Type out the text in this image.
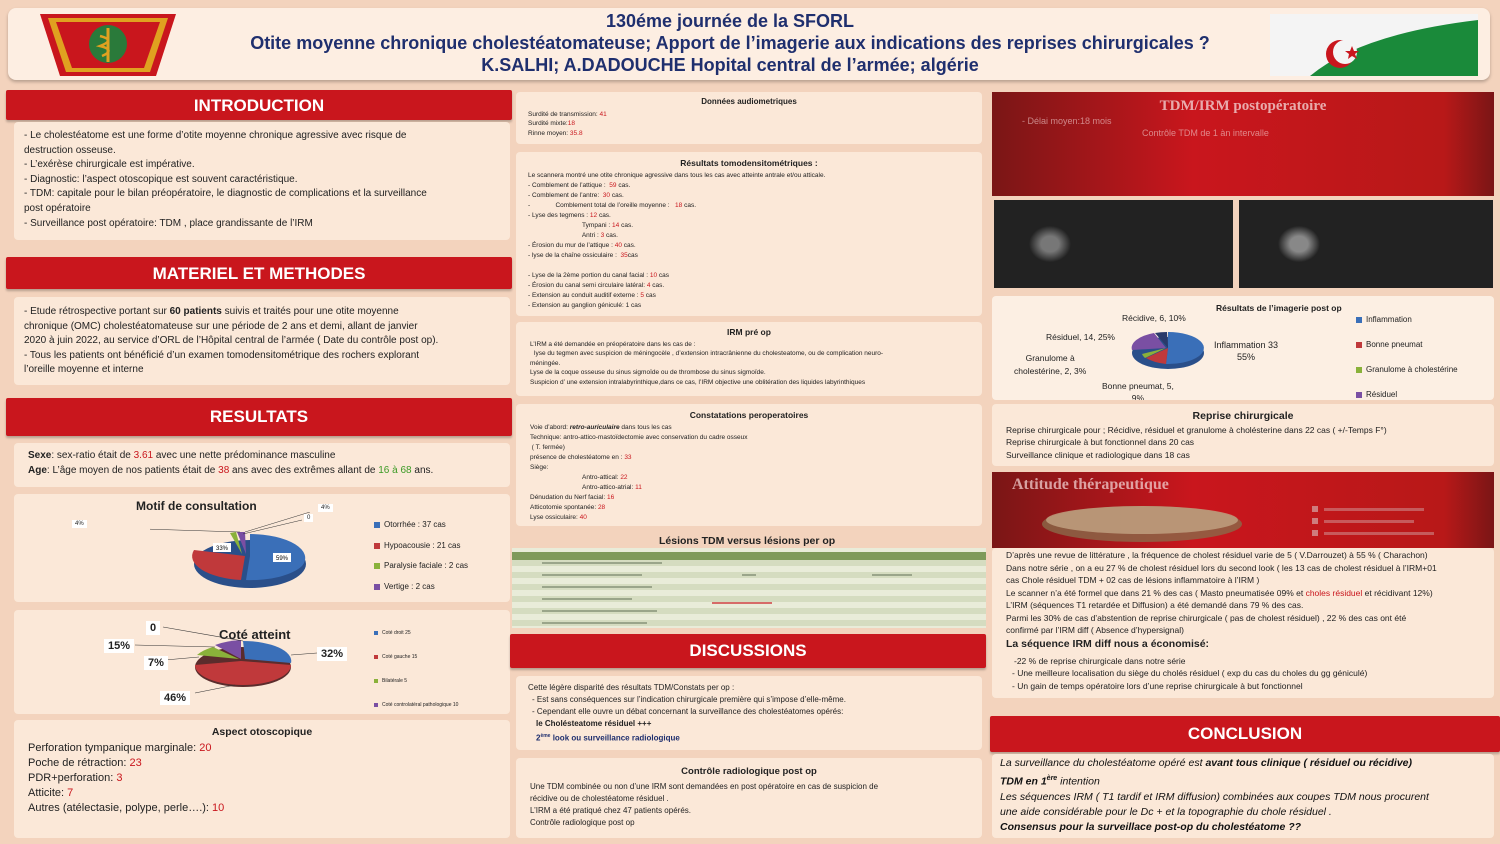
130éme journée de la SFORL
Otite moyenne chronique cholestéatomateuse; Apport de l’imagerie aux indications des reprises chirurgicales ?
K.SALHI; A.DADOUCHE Hopital central de l’armée; algérie
INTRODUCTION
- Le cholestéatome est une forme d’otite moyenne chronique agressive avec risque de
destruction osseuse.
- L’exérèse chirurgicale est impérative.
- Diagnostic: l’aspect otoscopique est souvent caractéristique.
- TDM: capitale pour le bilan préopératoire, le diagnostic de complications et la surveillance
post opératoire
- Surveillance post opératoire: TDM , place grandissante de l’IRM
MATERIEL ET METHODES
- Etude rétrospective portant sur 60 patients suivis et traités pour une otite moyenne
chronique (OMC) cholestéatomateuse sur une période de 2 ans et demi, allant de janvier
2020 à juin 2022, au service d’ORL de l’Hôpital central de l’armée ( Date du contrôle post op).
- Tous les patients ont bénéficié d’un examen tomodensitométrique des rochers explorant
l’oreille moyenne et interne
RESULTATS
Sexe: sex-ratio était de 3.61 avec une nette prédominance masculine
Age: L’âge moyen de nos patients était de 38 ans avec des extrêmes allant de 16 à 68 ans.
Motif de consultation
59%
33%
4%
4%
0
Otorrhée : 37 cas
Hypoacousie : 21 cas
Paralysie faciale : 2 cas
Vertige : 2 cas
Coté atteint
32%
46%
7%
15%
0	Coté droit 25
Coté gauche 15
Bilatérale 5
Coté controlatéral pathologique 10
Aspect otoscopique
Perforation tympanique marginale: 20
Poche de rétraction: 23
PDR+perforation: 3
Atticite: 7
Autres (atélectasie, polype, perle….): 10
Données audiometriques
Surdité de transmission: 41
Surdité mixte:18
Rinne moyen: 35.8
Résultats tomodensitométriques :
Le scannera montré une otite chronique agressive dans tous les cas avec atteinte antrale et/ou atticale.
- Comblement de l’attique :  59 cas.
- Comblement de l’antre:  30 cas.
-              Comblement total de l’oreille moyenne :   18 cas.
- Lyse des tegmens : 12 cas.
Tympani : 14 cas.
Antri : 3 cas.
- Érosion du mur de l’attique : 40 cas.
- lyse de la chaîne ossiculaire :  35cas
- Lyse de la 2ème portion du canal facial : 10 cas
- Érosion du canal semi circulaire latéral: 4 cas.
- Extension au conduit auditif externe : 5 cas
- Extension au ganglion géniculé: 1 cas
IRM pré op
L’IRM a été demandée en préopératoire dans les cas de :
lyse du tegmen avec suspicion de méningocèle , d’extension intracrânienne du cholesteatome, ou de complication neuro-
méningée.
Lyse de la coque osseuse du sinus sigmoïde ou de thrombose du sinus sigmoïde.
Suspicion d’ une extension intralabyrinthique,dans ce cas, l’IRM objective une oblitération des liquides labyrinthiques
Constatations peroperatoires
Voie d’abord: retro-auriculaire dans tous les cas
Technique: antro-attico-mastoïdectomie avec conservation du cadre osseux
( T. fermée)
présence de cholestéatome en : 33
Siège:
Antro-attical: 22
Antro-attico-atrial: 11
Dénudation du Nerf facial: 16
Atticotomie spontanée: 28
Lyse ossiculaire: 40
Lésions TDM versus lésions per op
DISCUSSIONS
Cette légère disparité des résultats TDM/Constats per op :
- Est sans conséquences sur l’indication chirurgicale première qui s’impose d’elle-même.
- Cependant elle ouvre un débat concernant la surveillance des cholestéatomes opérés:
le Cholésteatome résiduel +++
2ème look ou surveillance radiologique
Contrôle radiologique post op
Une TDM combinée ou non d’une IRM sont demandées en post opératoire en cas de suspicion de
récidive ou de cholestéatome résiduel .
L’IRM a été pratiqué chez 47 patients opérés.
Contrôle radiologique post op
TDM/IRM postopératoire
- Délai moyen:18 mois
Contrôle TDM de 1 àn intervalle
Résultats de l’imagerie post op
Récidive, 6, 10%
Résiduel, 14, 25%
Granulome à
cholestérine, 2, 3%
Inflammation 33
55%
Bonne pneumat, 5,
9%
Inflammation
Bonne pneumat
Granulome à cholestérine
Résiduel
Reprise chirurgicale
Reprise chirurgicale pour ; Récidive, résiduel et granulome à cholésterine dans 22 cas ( +/-Temps F°)
Reprise chirurgicale à but fonctionnel dans 20 cas
Surveillance clinique et radiologique dans 18 cas
Attitude thérapeutique
D’après une revue de littérature , la fréquence de cholest résiduel varie de 5 ( V.Darrouzet) à 55 % ( Charachon)
Dans notre série , on a eu 27 % de cholest résiduel lors du second look ( les 13 cas de cholest résiduel à l’IRM+01
cas Chole résiduel TDM + 02 cas de lésions inflammatoire à l’IRM )
Le scanner n’a été formel que dans 21 % des cas ( Masto pneumatisée 09% et choles résiduel et récidivant 12%)
L’IRM (séquences T1 retardée et Diffusion) a été demandé dans 79 % des cas.
Parmi les 30% de cas d’abstention de reprise chirurgicale ( pas de cholest résiduel) , 22 % des cas ont été
confirmé par l’IRM diff ( Absence d’hypersignal)
La séquence IRM diff nous a économisé:
-22 % de reprise chirurgicale dans notre série
- Une meilleure localisation du siège du cholés résiduel ( exp du cas du choles du gg géniculé)
- Un gain de temps opératoire lors d’une reprise chirurgicale à but fonctionnel
CONCLUSION
La surveillance du cholestéatome opéré est avant tous clinique ( résiduel ou récidive)
TDM en 1ère intention
Les séquences IRM ( T1 tardif et IRM diffusion) combinées aux coupes TDM nous procurent
une aide considérable pour le Dc + et la topographie du chole résiduel .
Consensus pour la surveillace post-op du cholestéatome ??
